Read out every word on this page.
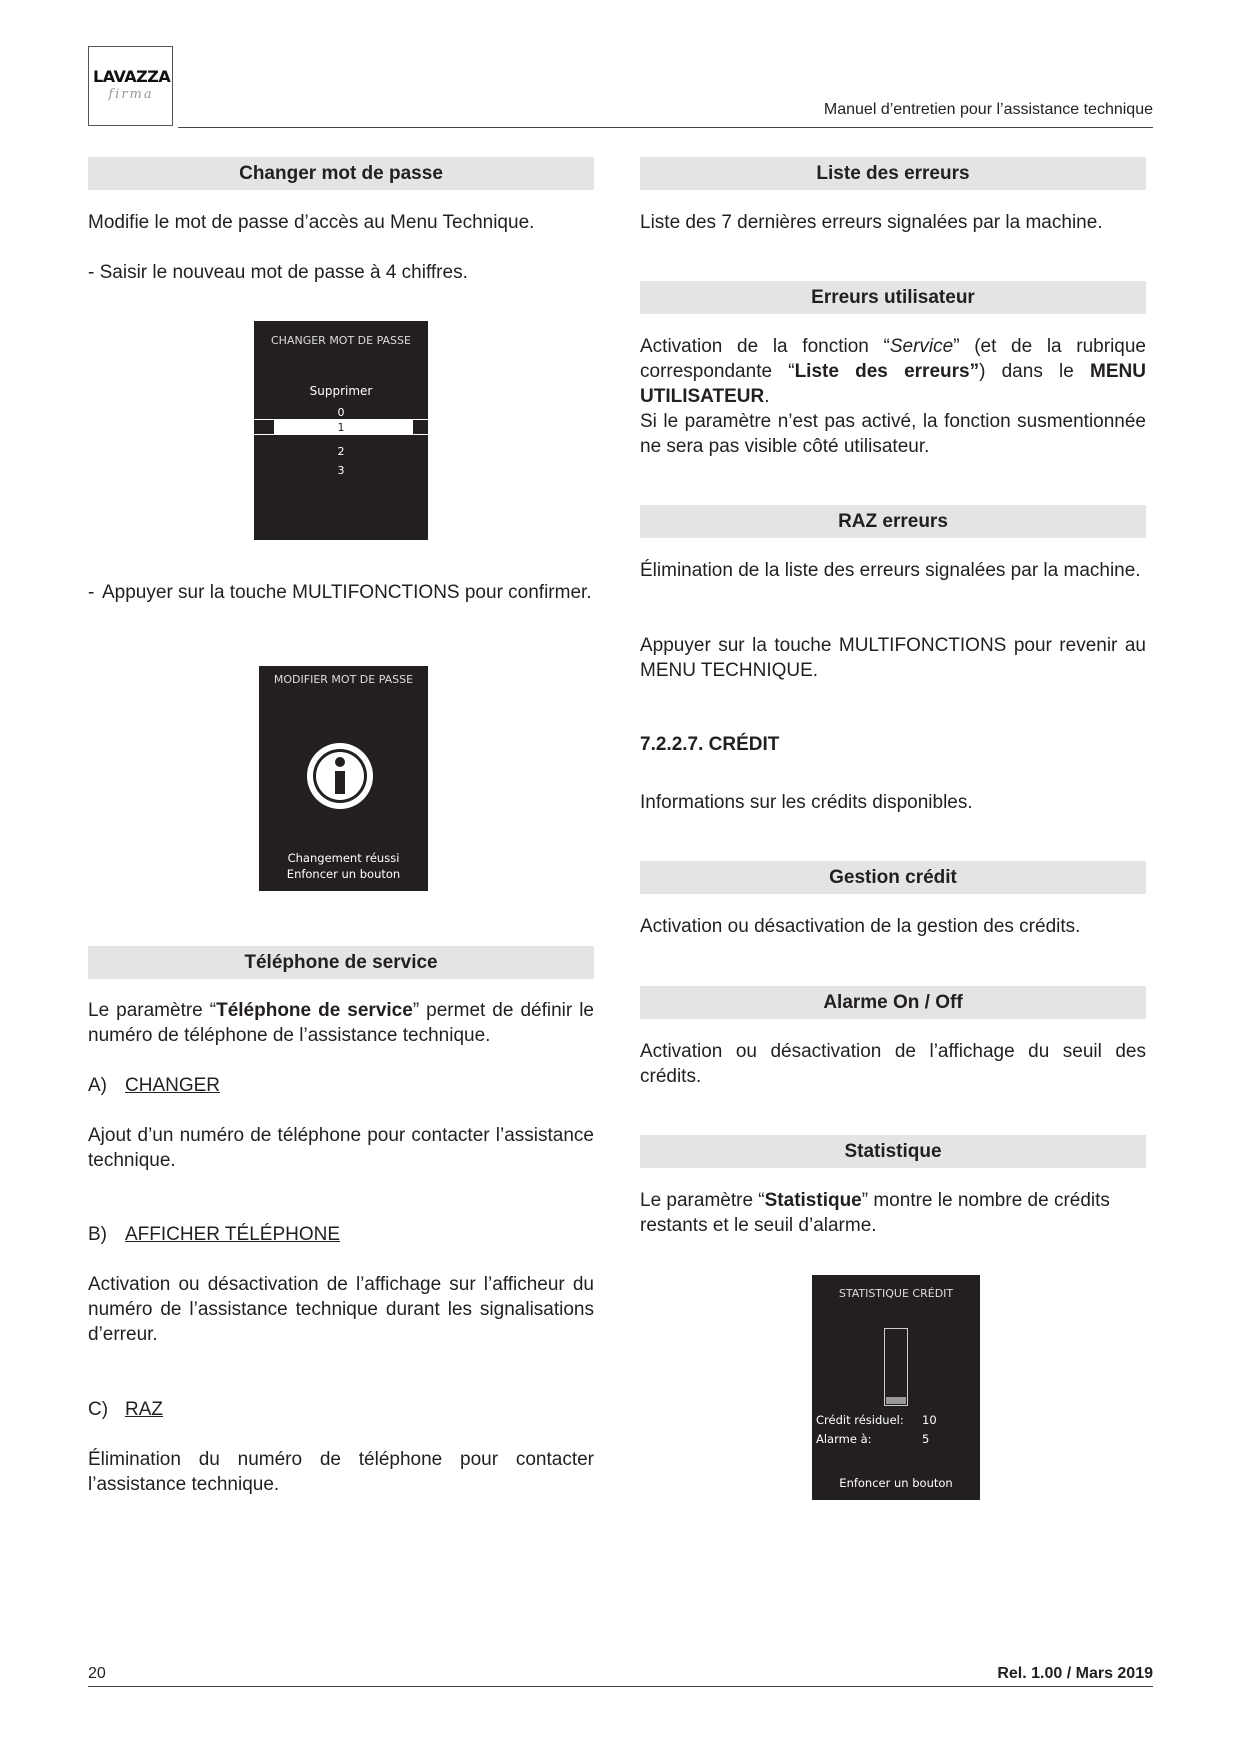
LAVAZZA
firma
Manuel d’entretien pour l’assistance technique
Changer mot de passe
Modifie le mot de passe d’accès au Menu Technique.
- Saisir le nouveau mot de passe à 4 chiffres.
CHANGER MOT DE PASSE
Supprimer
0
1
2
3
- Appuyer sur la touche MULTIFONCTIONS pour confirmer.
MODIFIER MOT DE PASSE
Changement réussi
Enfoncer un bouton
Téléphone de service
Le paramètre “Téléphone de service” permet de définir le numéro de téléphone de l’assistance technique.
A) CHANGER
Ajout d’un numéro de téléphone pour contacter l’assistance technique.
B) AFFICHER TÉLÉPHONE
Activation ou désactivation de l’affichage sur l’afficheur du numéro de l’assistance technique durant les signalisations d’erreur.
C) RAZ
Élimination du numéro de téléphone pour contacter l’assistance technique.
Liste des erreurs
Liste des 7 dernières erreurs signalées par la machine.
Erreurs utilisateur
Activation de la fonction “Service” (et de la rubrique correspondante “Liste des erreurs”) dans le MENU UTILISATEUR.
Si le paramètre n’est pas activé, la fonction susmentionnée ne sera pas visible côté utilisateur.
RAZ erreurs
Élimination de la liste des erreurs signalées par la machine.
Appuyer sur la touche MULTIFONCTIONS pour revenir au MENU TECHNIQUE.
7.2.2.7. CRÉDIT
Informations sur les crédits disponibles.
Gestion crédit
Activation ou désactivation de la gestion des crédits.
Alarme On / Off
Activation ou désactivation de l’affichage du seuil des crédits.
Statistique
Le paramètre “Statistique” montre le nombre de crédits restants et le seuil d’alarme.
STATISTIQUE CRÉDIT
Crédit résiduel: 10
Alarme à:	5
Enfoncer un bouton
20	Rel. 1.00 / Mars 2019
